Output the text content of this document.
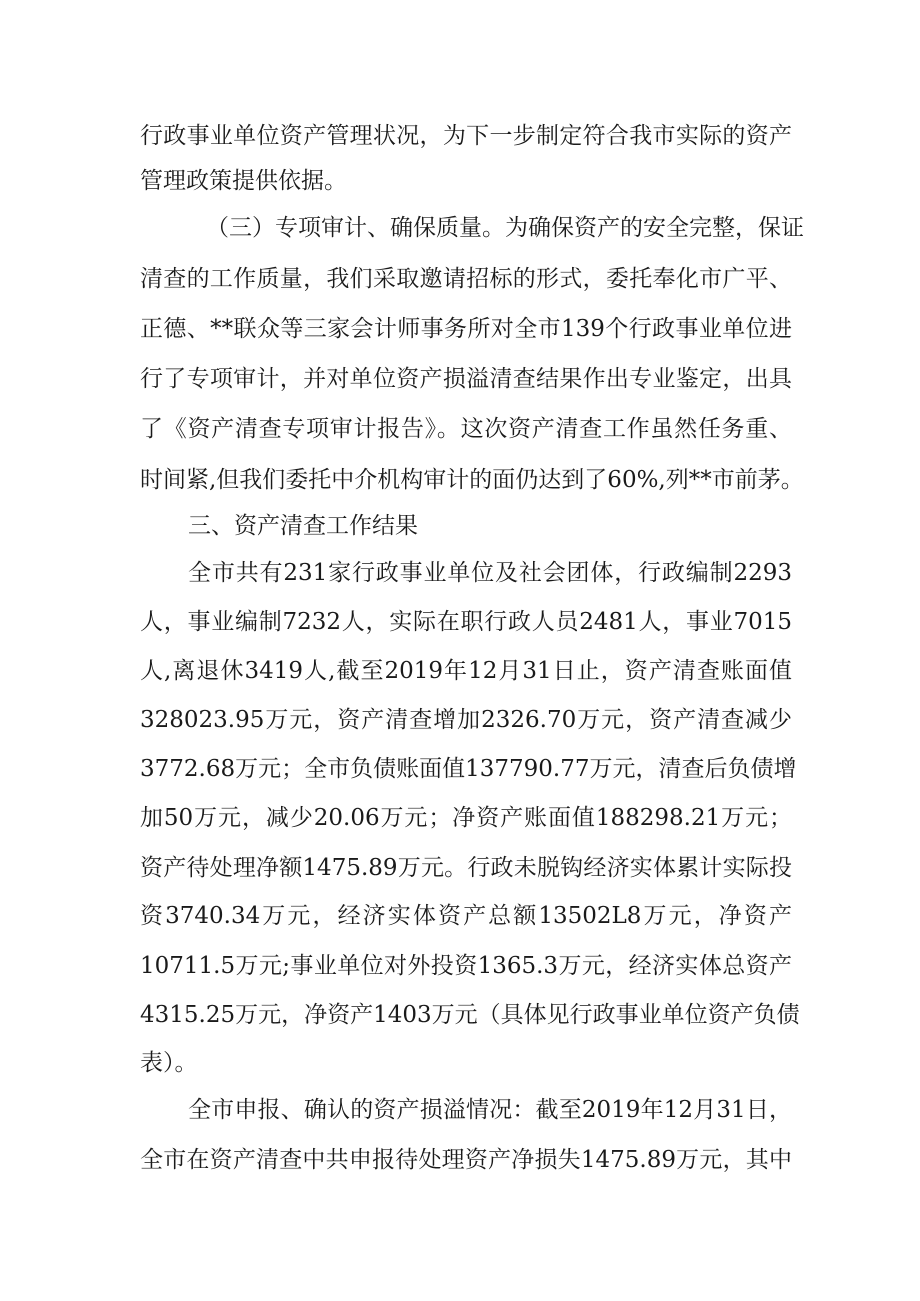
行政事业单位资产管理状况，为下一步制定符合我市实际的资产
管理政策提供依据。
（三）专项审计、确保质量。为确保资产的安全完整，保证
清查的工作质量，我们采取邀请招标的形式，委托奉化市广平、
正德、**联众等三家会计师事务所对全市139个行政事业单位进
行了专项审计，并对单位资产损溢清查结果作出专业鉴定，出具
了《资产清查专项审计报告》。这次资产清查工作虽然任务重、
时间紧,但我们委托中介机构审计的面仍达到了60%,列**市前茅。
三、资产清查工作结果
全市共有231家行政事业单位及社会团体，行政编制2293
人，事业编制7232人，实际在职行政人员2481人，事业7015
人,离退休3419人,截至2019年12月31日止，资产清查账面值
328023.95万元，资产清查增加2326.70万元，资产清查减少
3772.68万元；全市负债账面值137790.77万元，清查后负债增
加50万元，减少20.06万元；净资产账面值188298.21万元；
资产待处理净额1475.89万元。行政未脱钩经济实体累计实际投
资3740.34万元，经济实体资产总额13502L8万元，净资产
10711.5万元;事业单位对外投资1365.3万元，经济实体总资产
4315.25万元，净资产1403万元（具体见行政事业单位资产负债
表）。
全市申报、确认的资产损溢情况：截至2019年12月31日，
全市在资产清查中共申报待处理资产净损失1475.89万元，其中
